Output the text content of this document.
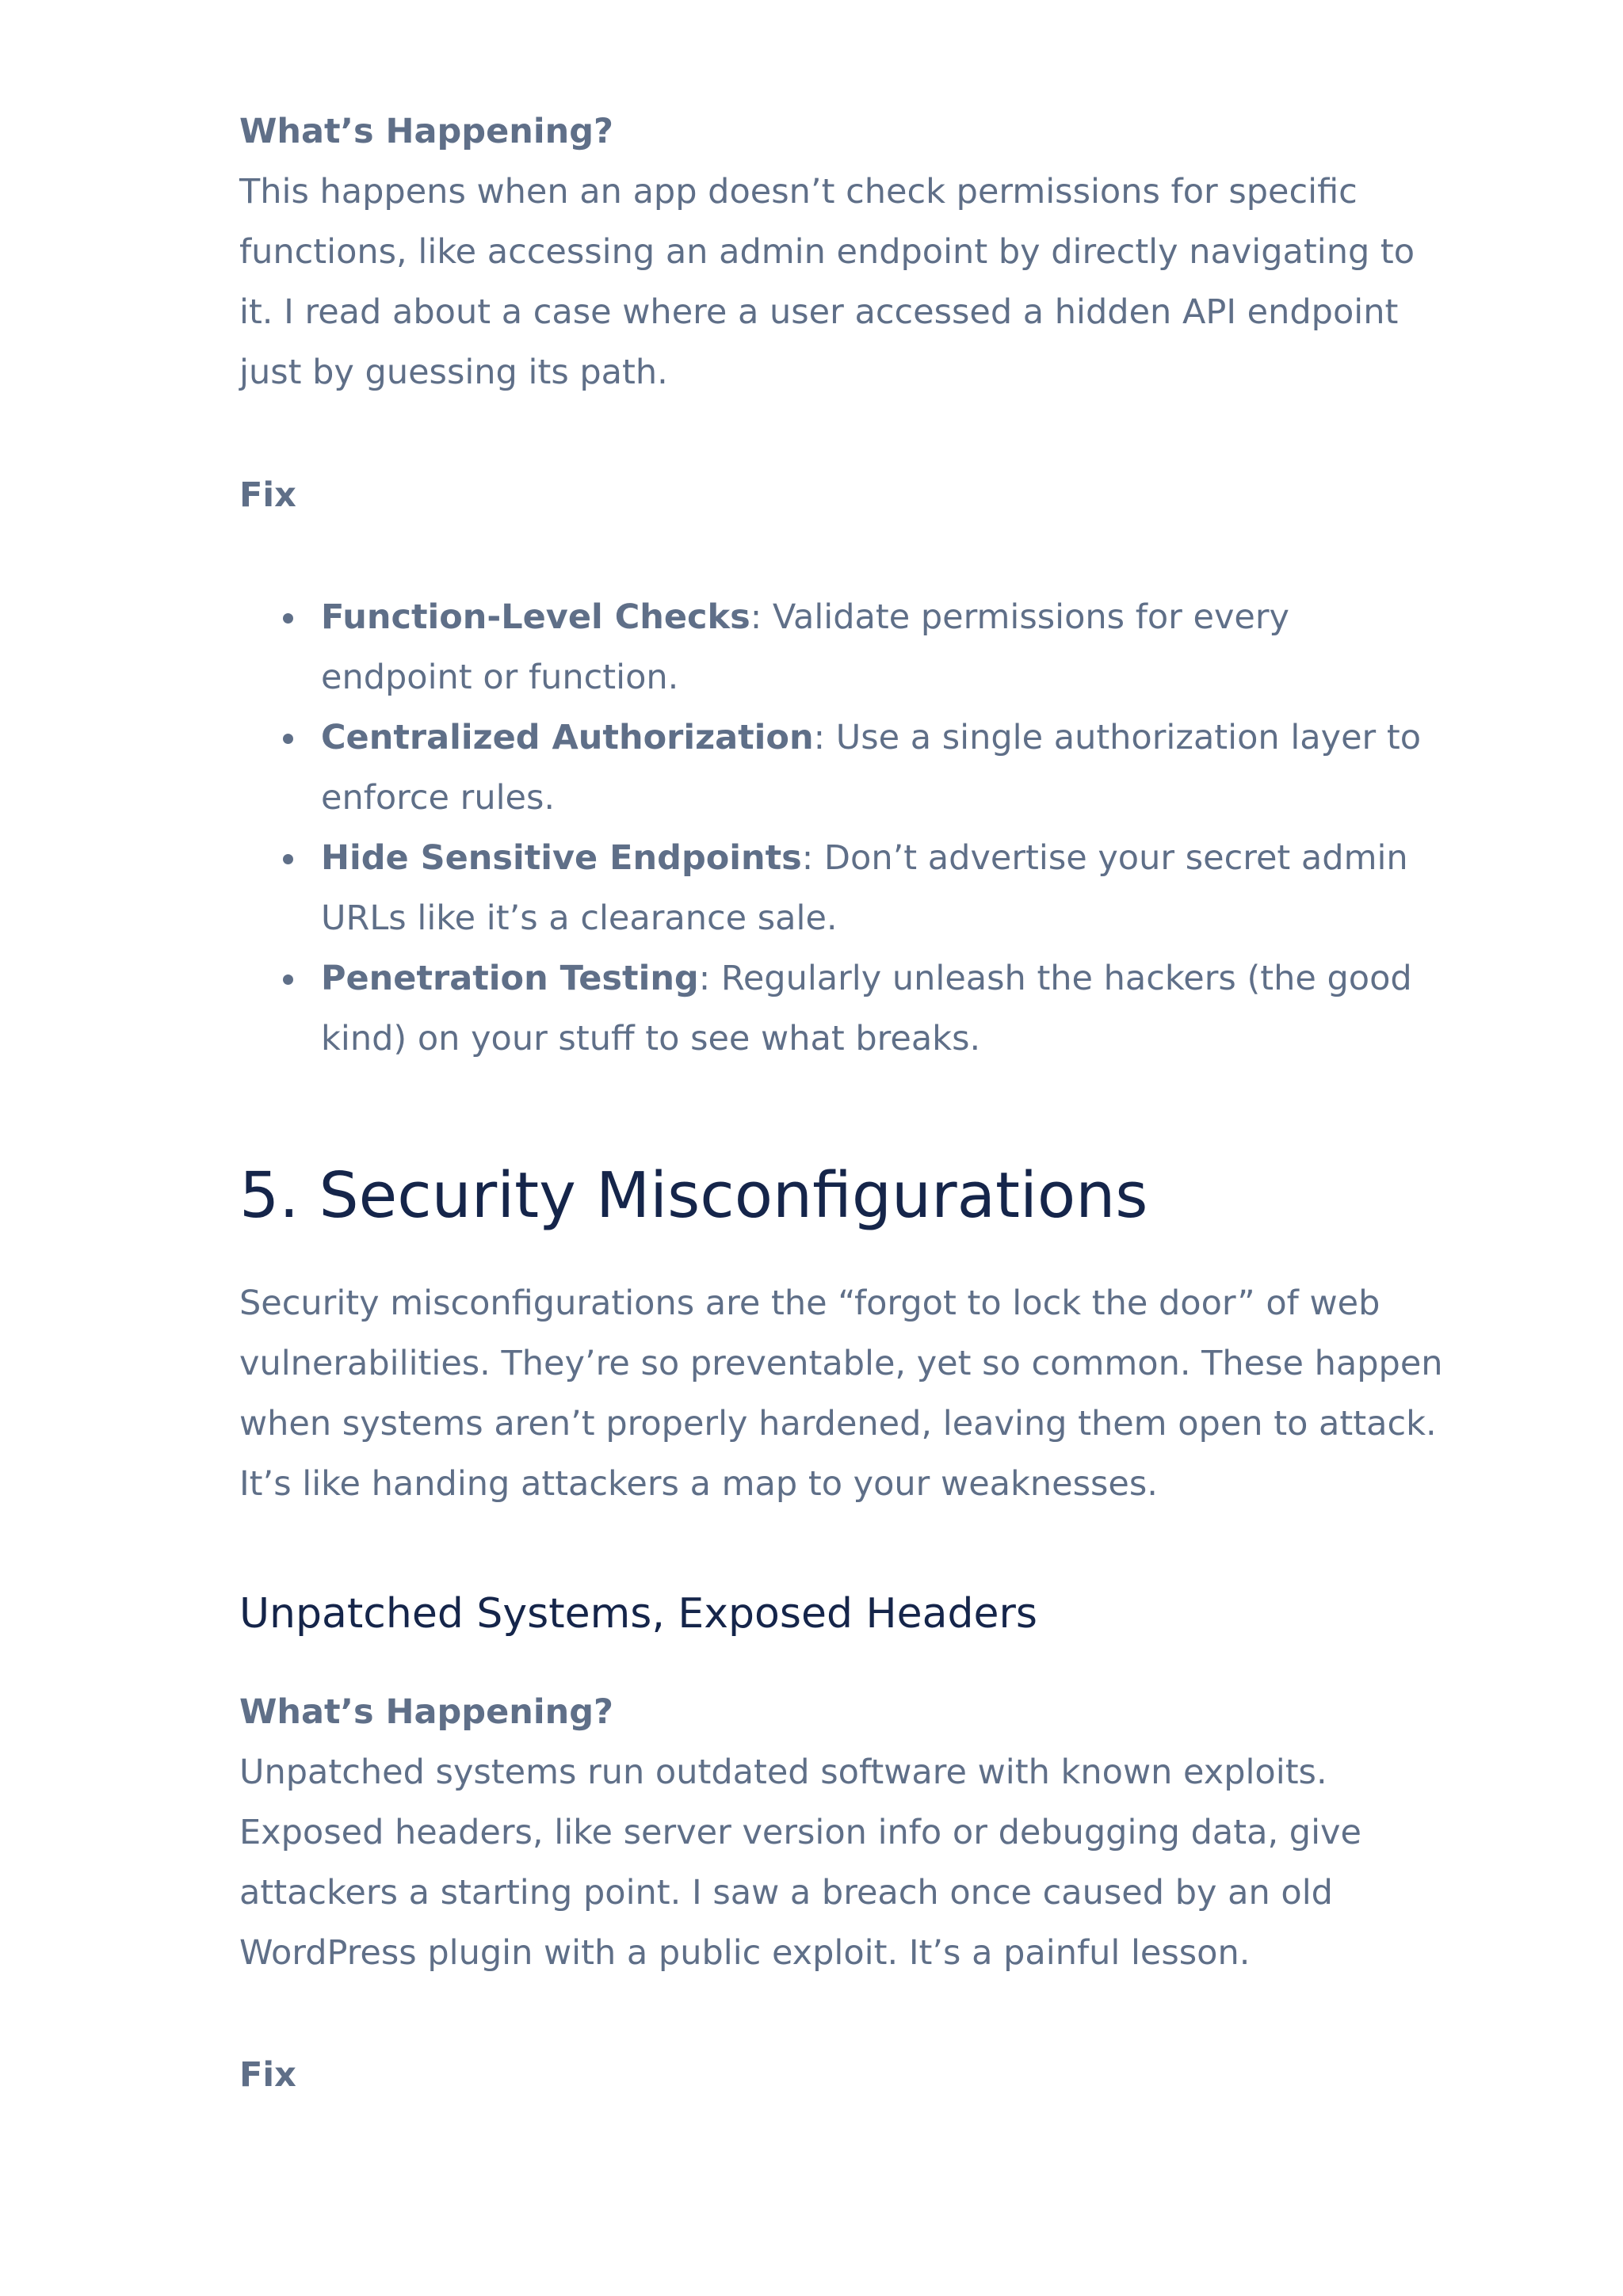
What’s Happening?

This happens when an app doesn’t check permissions for specific functions, like accessing an admin endpoint by directly navigating to it. I read about a case where a user accessed a hidden API endpoint just by guessing its path.

Fix

Function-Level Checks: Validate permissions for every endpoint or function.
Centralized Authorization: Use a single authorization layer to enforce rules.
Hide Sensitive Endpoints: Don’t advertise your secret admin URLs like it’s a clearance sale.
Penetration Testing: Regularly unleash the hackers (the good kind) on your stuff to see what breaks.
5. Security Misconfigurations

Security misconfigurations are the “forgot to lock the door” of web vulnerabilities. They’re so preventable, yet so common. These happen when systems aren’t properly hardened, leaving them open to attack. It’s like handing attackers a map to your weaknesses.

Unpatched Systems, Exposed Headers

What’s Happening?

Unpatched systems run outdated software with known exploits. Exposed headers, like server version info or debugging data, give attackers a starting point. I saw a breach once caused by an old WordPress plugin with a public exploit. It’s a painful lesson.

Fix
